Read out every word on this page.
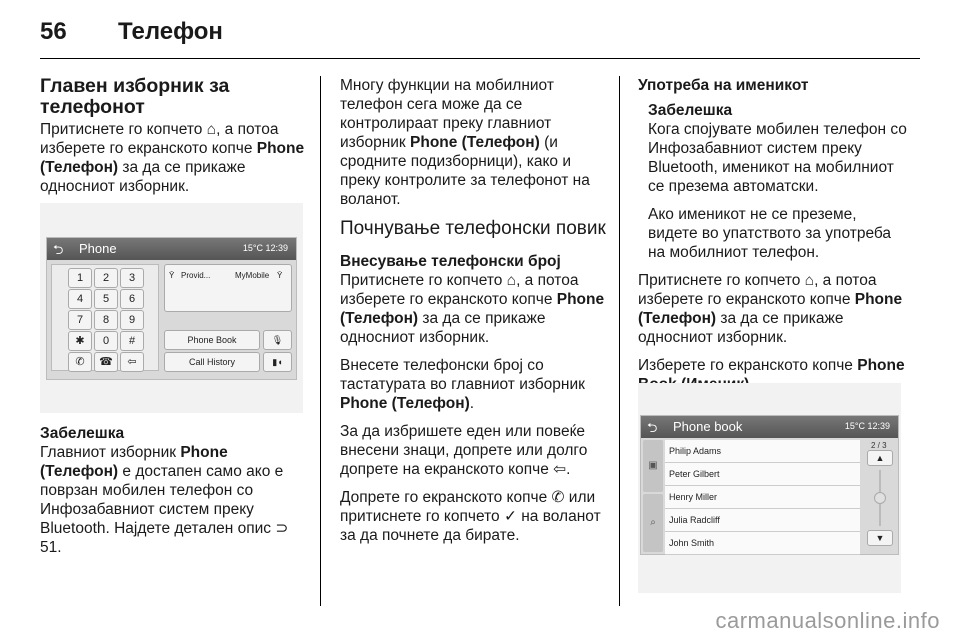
56 Телефон
Главен изборник за телефонот

Притиснете го копчето ⌂, а потоа изберете го екранското копче Phone (Телефон) за да се прикаже односниот изборник.

⮌ Phone	15°C 12:39
1	2	3
4	5	6
7	8	9
✱	0	#
✆	☎	⇦
Ȳ Provid...	MyMobile Ȳ
Phone Book
Call History
🎙
▮◖
Забелешка

Главниот изборник Phone (Телефон) е достапен само ако е поврзан мобилен телефон со Инфозабавниот систем преку Bluetooth. Најдете детален опис ⊃ 51.

Многу функции на мобилниот телефон сега може да се контролираат преку главниот изборник Phone (Телефон) (и сродните подизборници), како и преку контролите за телефонот на воланот.

Почнување телефонски повик
Внесување телефонски број

Притиснете го копчето ⌂, а потоа изберете го екранското копче Phone (Телефон) за да се прикаже односниот изборник.

Внесете телефонски број со тастатурата во главниот изборник Phone (Телефон).

За да избришете еден или повеќе внесени знаци, допрете или долго допрете на екранското копче ⇦.

Допрете го екранското копче ✆ или притиснете го копчето ✓ на воланот за да почнете да бирате.

Употреба на именикот
Забелешка

Кога спојувате мобилен телефон со Инфозабавниот систем преку Bluetooth, именикот на мобилниот се презема автоматски.

Ако именикот не се преземе, видете во упатството за употреба на мобилниот телефон.

Притиснете го копчето ⌂, а потоа изберете го екранското копче Phone (Телефон) за да се прикаже односниот изборник.

Изберете го екранското копче Phone

⮌ Phone book	15°C 12:39
▣
⌕
Philip Adams
Peter Gilbert
Henry Miller
Julia Radcliff
John Smith
2 / 3
▲
▼
carmanualsonline.info
